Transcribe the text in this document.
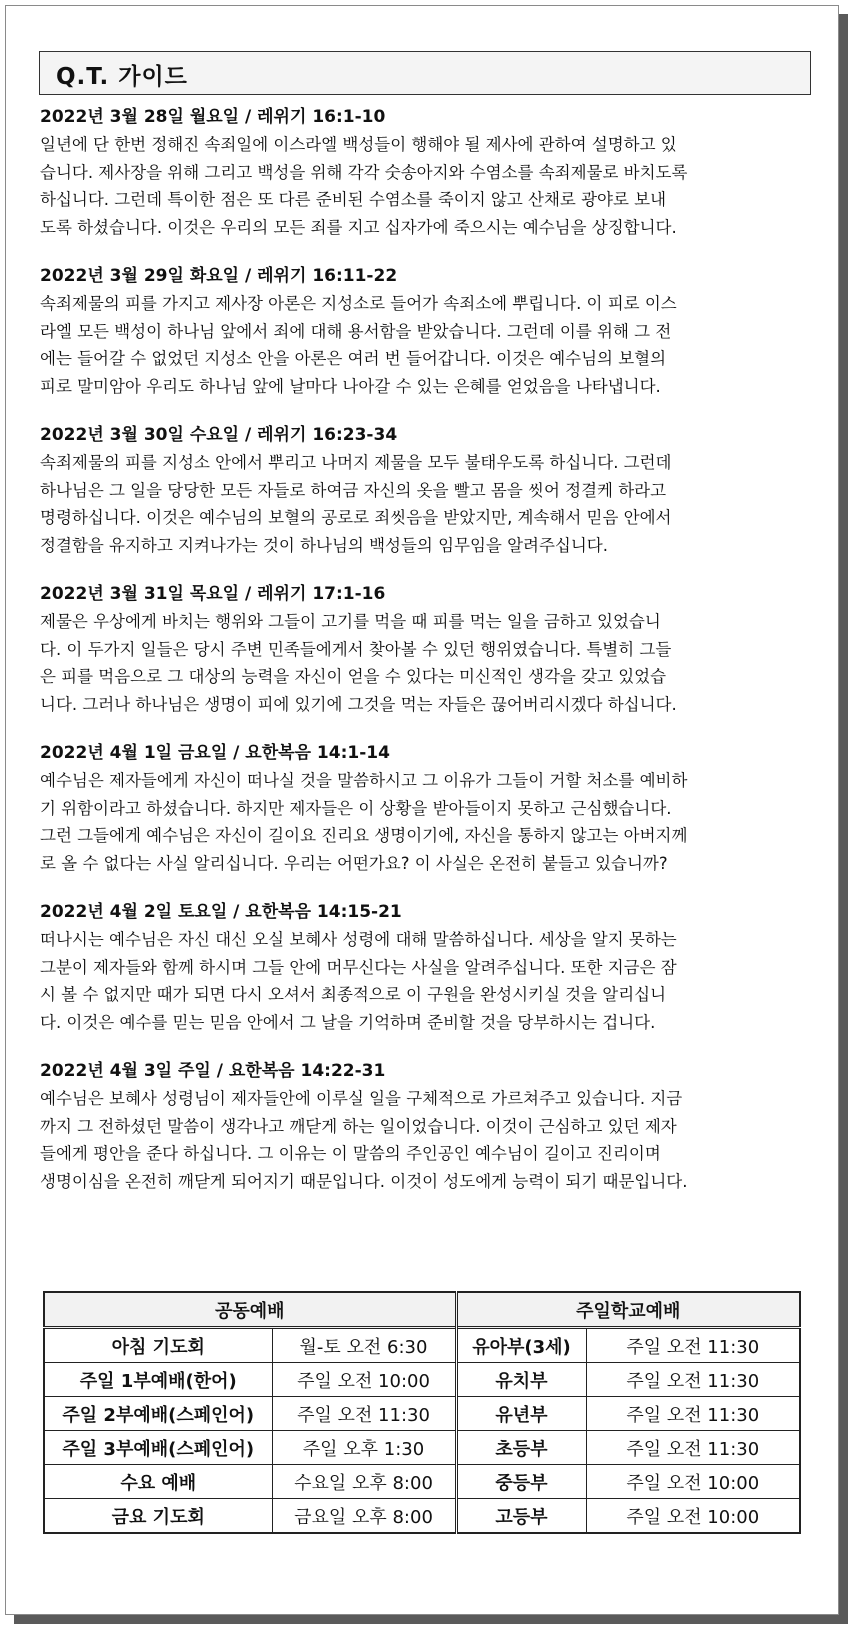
Q.T. 가이드
2022년 3월 28일 월요일 / 레위기 16:1-10
일년에 단 한번 정해진 속죄일에 이스라엘 백성들이 행해야 될 제사에 관하여 설명하고 있
습니다. 제사장을 위해 그리고 백성을 위해 각각 숫송아지와 수염소를 속죄제물로 바치도록
하십니다. 그런데 특이한 점은 또 다른 준비된 수염소를 죽이지 않고 산채로 광야로 보내
도록 하셨습니다. 이것은 우리의 모든 죄를 지고 십자가에 죽으시는 예수님을 상징합니다.
2022년 3월 29일 화요일 / 레위기 16:11-22
속죄제물의 피를 가지고 제사장 아론은 지성소로 들어가 속죄소에 뿌립니다. 이 피로 이스
라엘 모든 백성이 하나님 앞에서 죄에 대해 용서함을 받았습니다. 그런데 이를 위해 그 전
에는 들어갈 수 없었던 지성소 안을 아론은 여러 번 들어갑니다. 이것은 예수님의 보혈의
피로 말미암아 우리도 하나님 앞에 날마다 나아갈 수 있는 은혜를 얻었음을 나타냅니다.
2022년 3월 30일 수요일 / 레위기 16:23-34
속죄제물의 피를 지성소 안에서 뿌리고 나머지 제물을 모두 불태우도록 하십니다. 그런데
하나님은 그 일을 당당한 모든 자들로 하여금 자신의 옷을 빨고 몸을 씻어 정결케 하라고
명령하십니다. 이것은 예수님의 보혈의 공로로 죄씻음을 받았지만, 계속해서 믿음 안에서
정결함을 유지하고 지켜나가는 것이 하나님의 백성들의 임무임을 알려주십니다.
2022년 3월 31일 목요일 / 레위기 17:1-16
제물은 우상에게 바치는 행위와 그들이 고기를 먹을 때 피를 먹는 일을 금하고 있었습니
다. 이 두가지 일들은 당시 주변 민족들에게서 찾아볼 수 있던 행위였습니다. 특별히 그들
은 피를 먹음으로 그 대상의 능력을 자신이 얻을 수 있다는 미신적인 생각을 갖고 있었습
니다. 그러나 하나님은 생명이 피에 있기에 그것을 먹는 자들은 끊어버리시겠다 하십니다.
2022년 4월 1일 금요일 / 요한복음 14:1-14
예수님은 제자들에게 자신이 떠나실 것을 말씀하시고 그 이유가 그들이 거할 처소를 예비하
기 위함이라고 하셨습니다. 하지만 제자들은 이 상황을 받아들이지 못하고 근심했습니다.
그런 그들에게 예수님은 자신이 길이요 진리요 생명이기에, 자신을 통하지 않고는 아버지께
로 올 수 없다는 사실 알리십니다. 우리는 어떤가요? 이 사실은 온전히 붙들고 있습니까?
2022년 4월 2일 토요일 / 요한복음 14:15-21
떠나시는 예수님은 자신 대신 오실 보혜사 성령에 대해 말씀하십니다. 세상을 알지 못하는
그분이 제자들와 함께 하시며 그들 안에 머무신다는 사실을 알려주십니다. 또한 지금은 잠
시 볼 수 없지만 때가 되면 다시 오셔서 최종적으로 이 구원을 완성시키실 것을 알리십니
다. 이것은 예수를 믿는 믿음 안에서 그 날을 기억하며 준비할 것을 당부하시는 겁니다.
2022년 4월 3일 주일 / 요한복음 14:22-31
예수님은 보혜사 성령님이 제자들안에 이루실 일을 구체적으로 가르쳐주고 있습니다. 지금
까지 그 전하셨던 말씀이 생각나고 깨닫게 하는 일이었습니다. 이것이 근심하고 있던 제자
들에게 평안을 준다 하십니다. 그 이유는 이 말씀의 주인공인 예수님이 길이고 진리이며
생명이심을 온전히 깨닫게 되어지기 때문입니다. 이것이 성도에게 능력이 되기 때문입니다.
공동예배		주일학교예배	
아침 기도회	월-토 오전 6:30	유아부(3세)	주일 오전 11:30
주일 1부예배(한어)	주일 오전 10:00	유치부	주일 오전 11:30
주일 2부예배(스페인어)	주일 오전 11:30	유년부	주일 오전 11:30
주일 3부예배(스페인어)	주일 오후 1:30	초등부	주일 오전 11:30
수요 예배	수요일 오후 8:00	중등부	주일 오전 10:00
금요 기도회	금요일 오후 8:00	고등부	주일 오전 10:00
